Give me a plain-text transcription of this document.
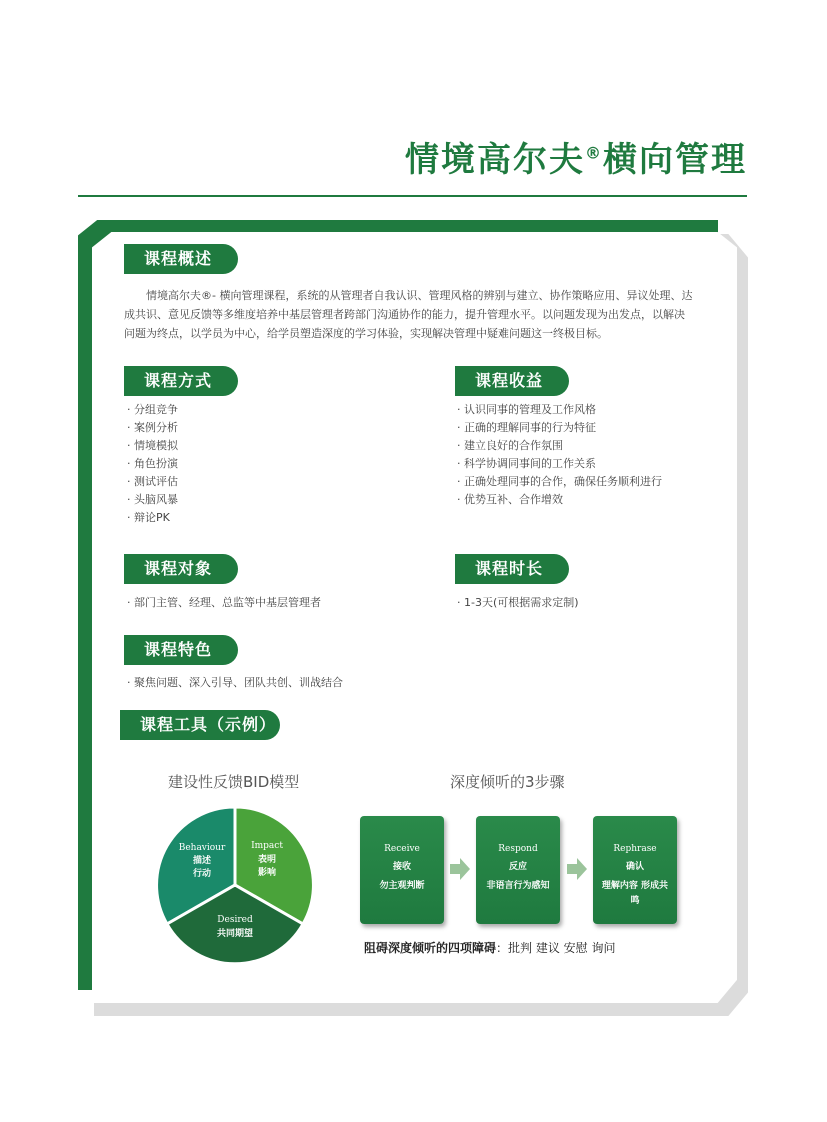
情境高尔夫®横向管理
课程概述
情境高尔夫®- 横向管理课程，系统的从管理者自我认识、管理风格的辨别与建立、协作策略应用、异议处理、达成共识、意见反馈等多维度培养中基层管理者跨部门沟通协作的能力，提升管理水平。以问题发现为出发点，以解决问题为终点，以学员为中心，给学员塑造深度的学习体验，实现解决管理中疑难问题这一终极目标。
课程方式
· 分组竞争
· 案例分析
· 情境模拟
· 角色扮演
· 测试评估
· 头脑风暴
· 辩论PK
课程收益
· 认识同事的管理及工作风格
· 正确的理解同事的行为特征
· 建立良好的合作氛围
· 科学协调同事间的工作关系
· 正确处理同事的合作，确保任务顺利进行
· 优势互补、合作增效
课程对象
· 部门主管、经理、总监等中基层管理者
课程时长
· 1-3天(可根据需求定制)
课程特色
· 聚焦问题、深入引导、团队共创、训战结合
课程工具（示例）
建设性反馈BID模型
Behaviour
描述
行动
Impact
表明
影响
Desired
共同期望
深度倾听的3步骤
Receive
接收
勿主观判断
Respond
反应
非语言行为感知
Rephrase
确认
理解内容 形成共鸣
阻碍深度倾听的四项障碍：批判 建议 安慰 询问
